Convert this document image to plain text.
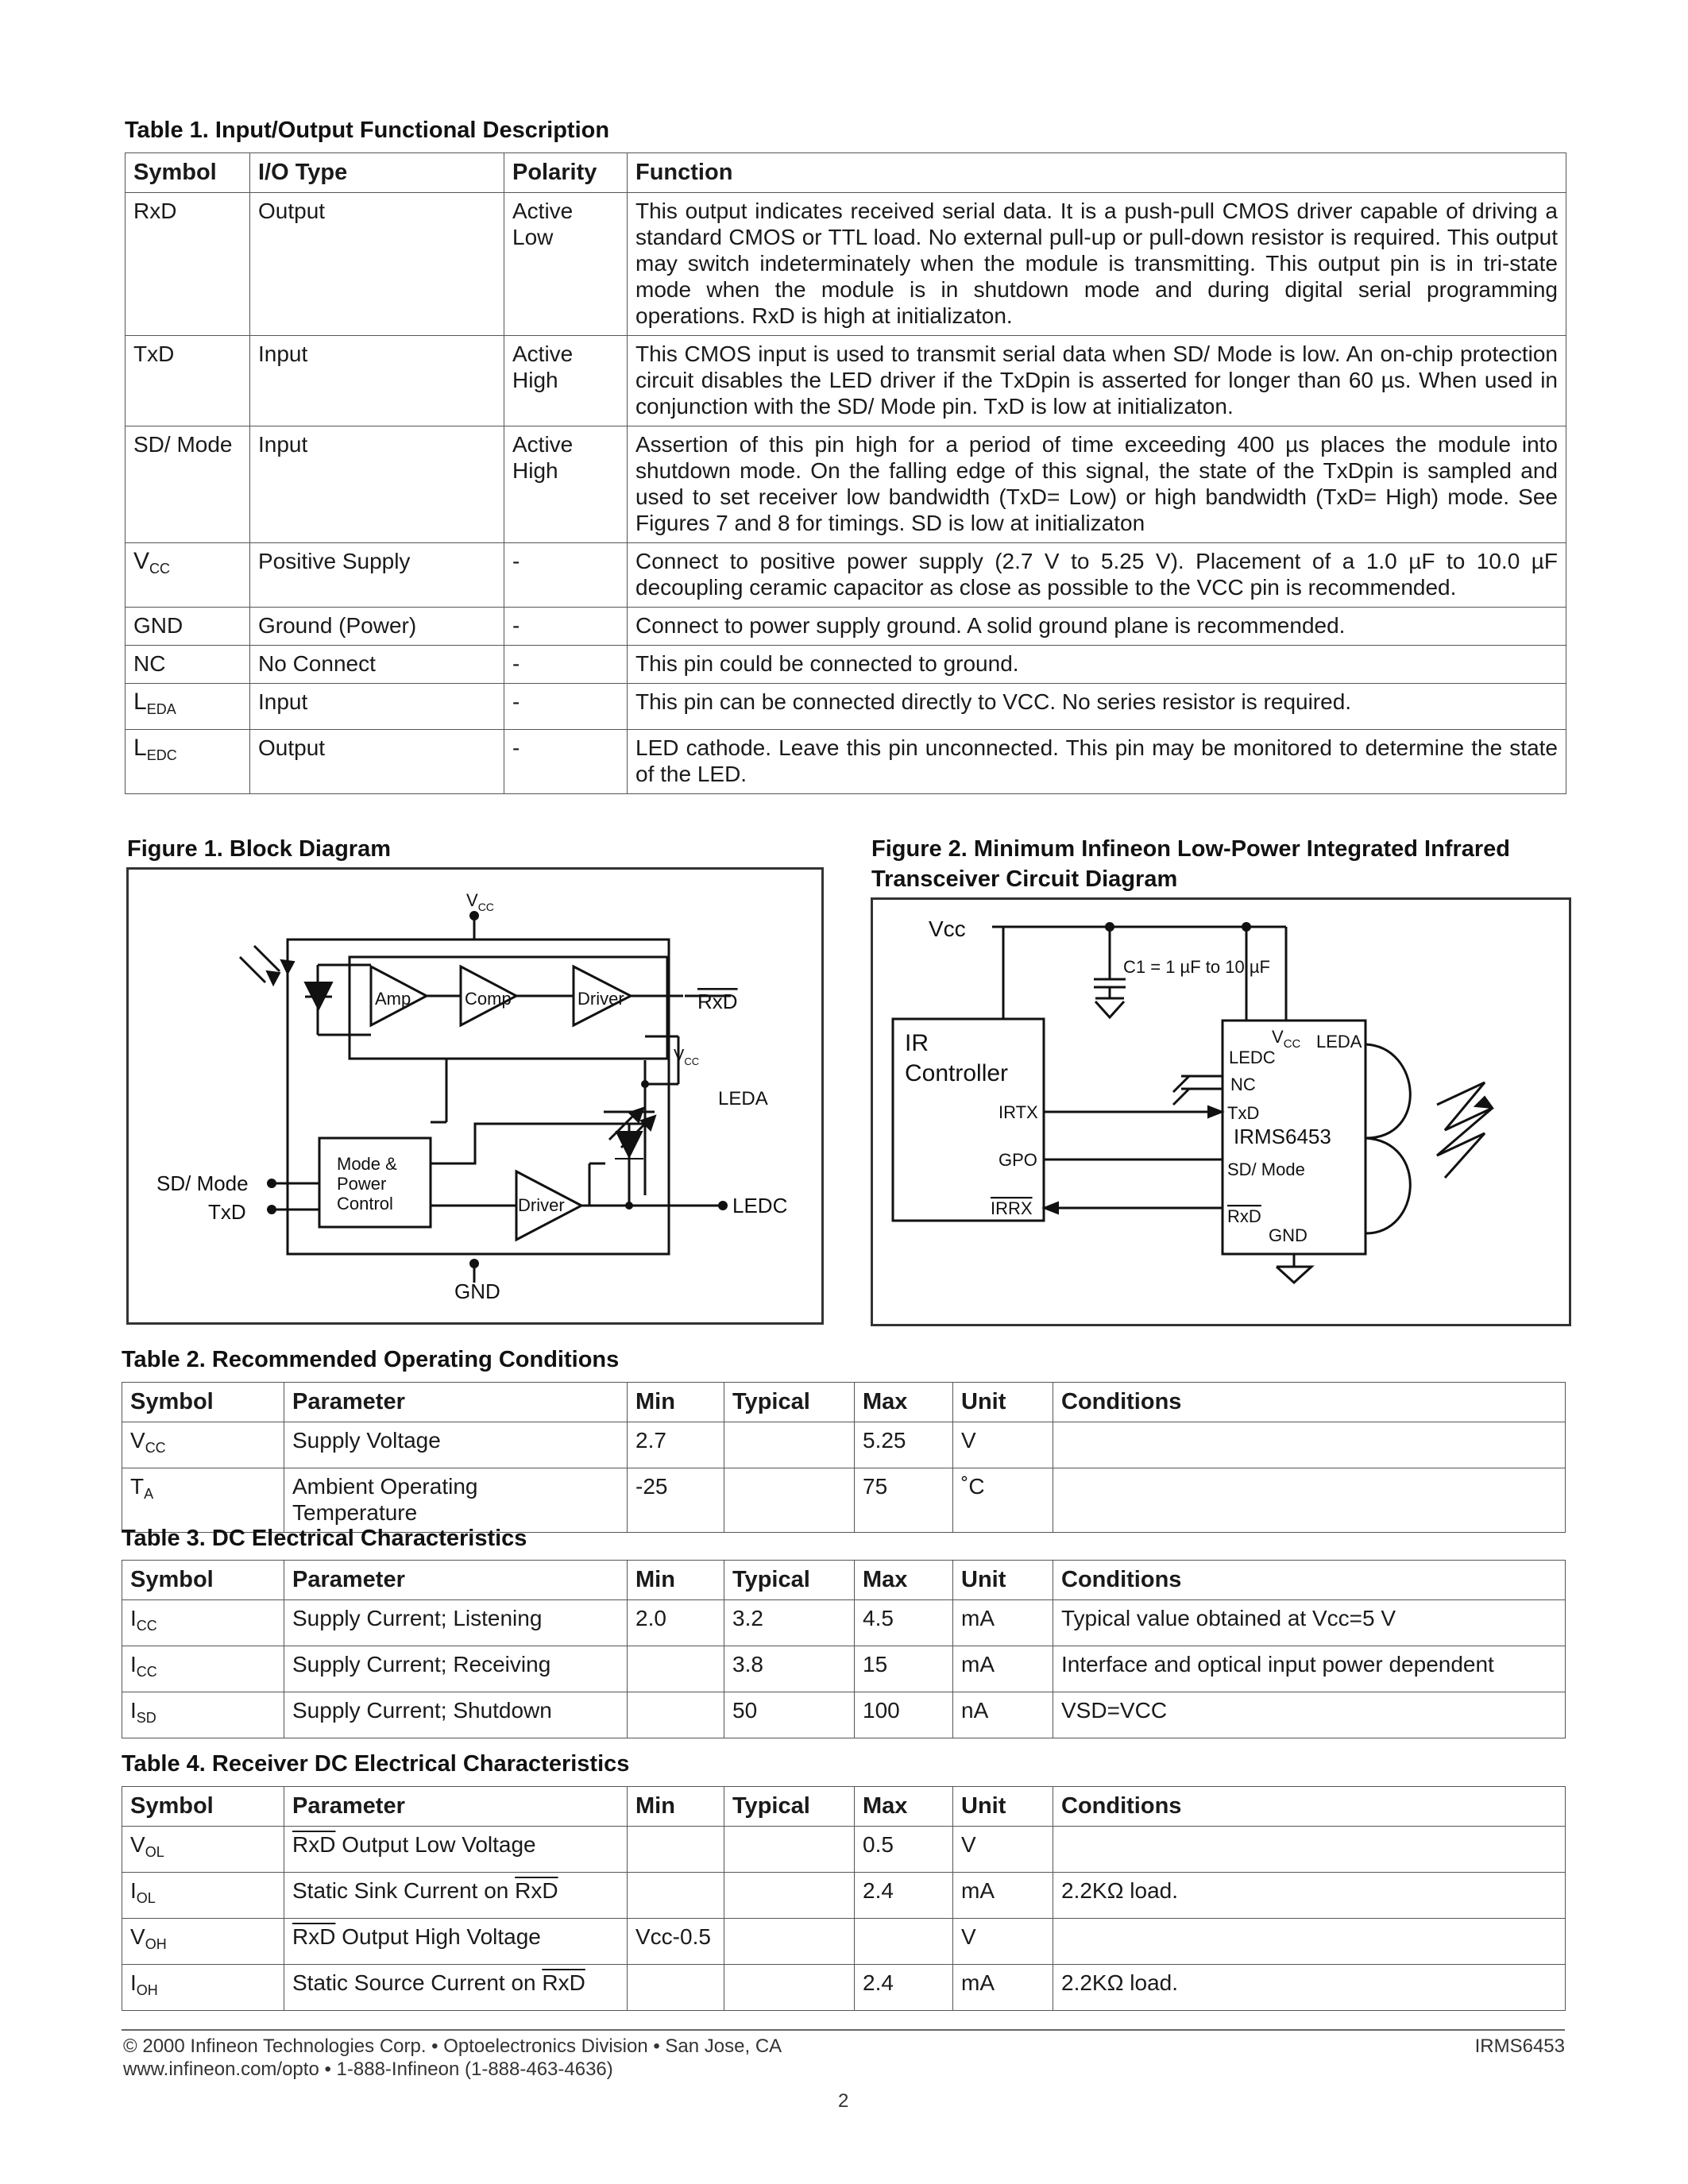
Table 1. Input/Output Functional Description
Symbol	I/O Type	Polarity	Function
RxD	Output	Active Low	This output indicates received serial data. It is a push-pull CMOS driver capable of driving a standard CMOS or TTL load. No external pull-up or pull-down resistor is required. This output may switch indeterminately when the module is transmitting. This output pin is in tri-state mode when the module is in shutdown mode and during digital serial programming operations. RxD is high at initializaton.
TxD	Input	Active High	This CMOS input is used to transmit serial data when SD/ Mode is low. An on-chip protection circuit disables the LED driver if the TxDpin is asserted for longer than 60 µs. When used in conjunction with the SD/ Mode pin. TxD is low at initializaton.
SD/ Mode	Input	Active High	Assertion of this pin high for a period of time exceeding 400 µs places the module into shutdown mode. On the falling edge of this signal, the state of the TxDpin is sampled and used to set receiver low bandwidth (TxD= Low) or high bandwidth (TxD= High) mode. See Figures 7 and 8 for timings. SD is low at initializaton
$V_{CC}$	Positive Supply	-	Connect to positive power supply (2.7 V to 5.25 V). Placement of a 1.0 µF to 10.0 µF decoupling ceramic capacitor as close as possible to the VCC pin is recommended.
GND	Ground (Power)	-	Connect to power supply ground. A solid ground plane is recommended.
NC	No Connect	-	This pin could be connected to ground.
$L_{EDA}$	Input	-	This pin can be connected directly to VCC. No series resistor is required.
$L_{EDC}$	Output	-	LED cathode. Leave this pin unconnected. This pin may be monitored to determine the state of the LED.
Figure 1. Block Diagram
$V_{CC}$
Amp	Comp	Driver	RxD
$V_{CC}$
LEDA
Mode &
Power
Control	Driver	LEDC
SD/ Mode
TxD
GND
Figure 2. Minimum Infineon Low-Power Integrated Infrared
Transceiver Circuit Diagram
Vcc
C1 = 1 µF to 10 µF
IR
Controller
IRTX
GPO
IRRX
$V_{CC}$ LEDA
LEDC
NC
TxD
IRMS6453
SD/ Mode
RxD
GND
Table 2. Recommended Operating Conditions
Symbol	Parameter	Min	Typical	Max	Unit	Conditions
$V_{CC}$	Supply Voltage	2.7		5.25	V	
$T_A$	Ambient Operating Temperature	-25		75	˚C	
Table 3. DC Electrical Characteristics
Symbol	Parameter	Min	Typical	Max	Unit	Conditions
$I_{CC}$	Supply Current; Listening	2.0	3.2	4.5	mA	Typical value obtained at Vcc=5 V
$I_{CC}$	Supply Current; Receiving		3.8	15	mA	Interface and optical input power dependent
$I_{SD}$	Supply Current; Shutdown		50	100	nA	VSD=VCC
Table 4. Receiver DC Electrical Characteristics
Symbol	Parameter	Min	Typical	Max	Unit	Conditions
$V_{OL}$	$\overline{RxD}$ Output Low Voltage			0.5	V	
$I_{OL}$	Static Sink Current on $\overline{RxD}$			2.4	mA	2.2KΩ load.
$V_{OH}$	$\overline{RxD}$ Output High Voltage	Vcc-0.5			V	
$I_{OH}$	Static Source Current on $\overline{RxD}$			2.4	mA	2.2KΩ load.
© 2000 Infineon Technologies Corp. • Optoelectronics Division • San Jose, CA
www.infineon.com/opto • 1-888-Infineon (1-888-463-4636)
IRMS6453
2
